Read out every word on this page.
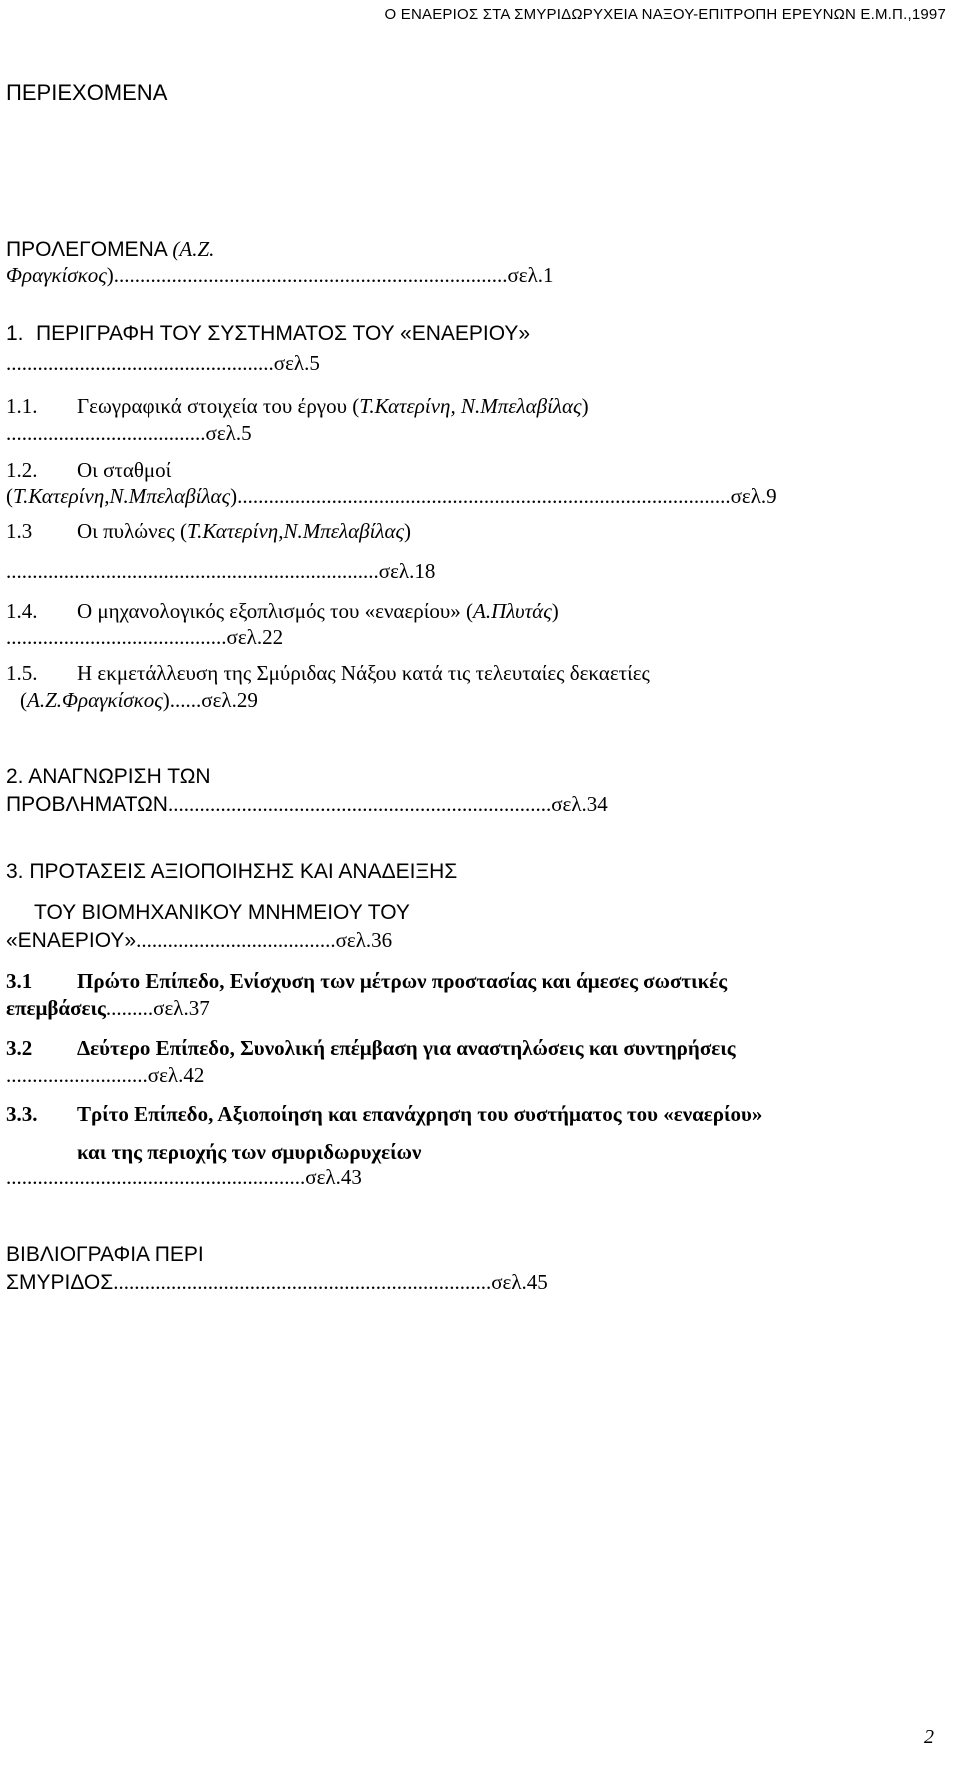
Ο ΕΝΑΕΡΙΟΣ ΣΤΑ ΣΜΥΡΙΔΩΡΥΧΕΙΑ ΝΑΞΟΥ-ΕΠΙΤΡΟΠΗ ΕΡΕΥΝΩΝ Ε.Μ.Π.,1997
ΠΕΡΙΕΧΟΜΕΝΑ
ΠΡΟΛΕΓΟΜΕΝΑ (Α.Ζ.
Φραγκίσκος)...........................................................................σελ.1
1. ΠΕΡΙΓΡΑΦΗ ΤΟΥ ΣΥΣΤΗΜΑΤΟΣ ΤΟΥ «ΕΝΑΕΡΙΟΥ»
...................................................σελ.5
1.1. Γεωγραφικά στοιχεία του έργου (Τ.Κατερίνη, Ν.Μπελαβίλας)
......................................σελ.5
1.2. Οι σταθμοί
(Τ.Κατερίνη,Ν.Μπελαβίλας)..............................................................................................σελ.9
1.3 Οι πυλώνες (Τ.Κατερίνη,Ν.Μπελαβίλας)
.......................................................................σελ.18
1.4. Ο μηχανολογικός εξοπλισμός του «εναερίου» (Α.Πλυτάς)
..........................................σελ.22
1.5. Η εκμετάλλευση της Σμύριδας Νάξου κατά τις τελευταίες δεκαετίες
(Α.Ζ.Φραγκίσκος)......σελ.29
2. ΑΝΑΓΝΩΡΙΣΗ ΤΩΝ
ΠΡΟΒΛΗΜΑΤΩΝ.........................................................................σελ.34
3. ΠΡΟΤΑΣΕΙΣ ΑΞΙΟΠΟΙΗΣΗΣ ΚΑΙ ΑΝΑΔΕΙΞΗΣ
ΤΟΥ ΒΙΟΜΗΧΑΝΙΚΟΥ ΜΝΗΜΕΙΟΥ ΤΟΥ
«ΕΝΑΕΡΙΟΥ»......................................σελ.36
3.1 Πρώτο Επίπεδο, Ενίσχυση των μέτρων προστασίας και άμεσες σωστικές
επεμβάσεις.........σελ.37
3.2 Δεύτερο Επίπεδο, Συνολική επέμβαση για αναστηλώσεις και συντηρήσεις
...........................σελ.42
3.3. Τρίτο Επίπεδο, Αξιοποίηση και επανάχρηση του συστήματος του «εναερίου»
και της περιοχής των σμυριδωρυχείων
.........................................................σελ.43
ΒΙΒΛΙΟΓΡΑΦΙΑ ΠΕΡΙ
ΣΜΥΡΙΔΟΣ........................................................................σελ.45
2
